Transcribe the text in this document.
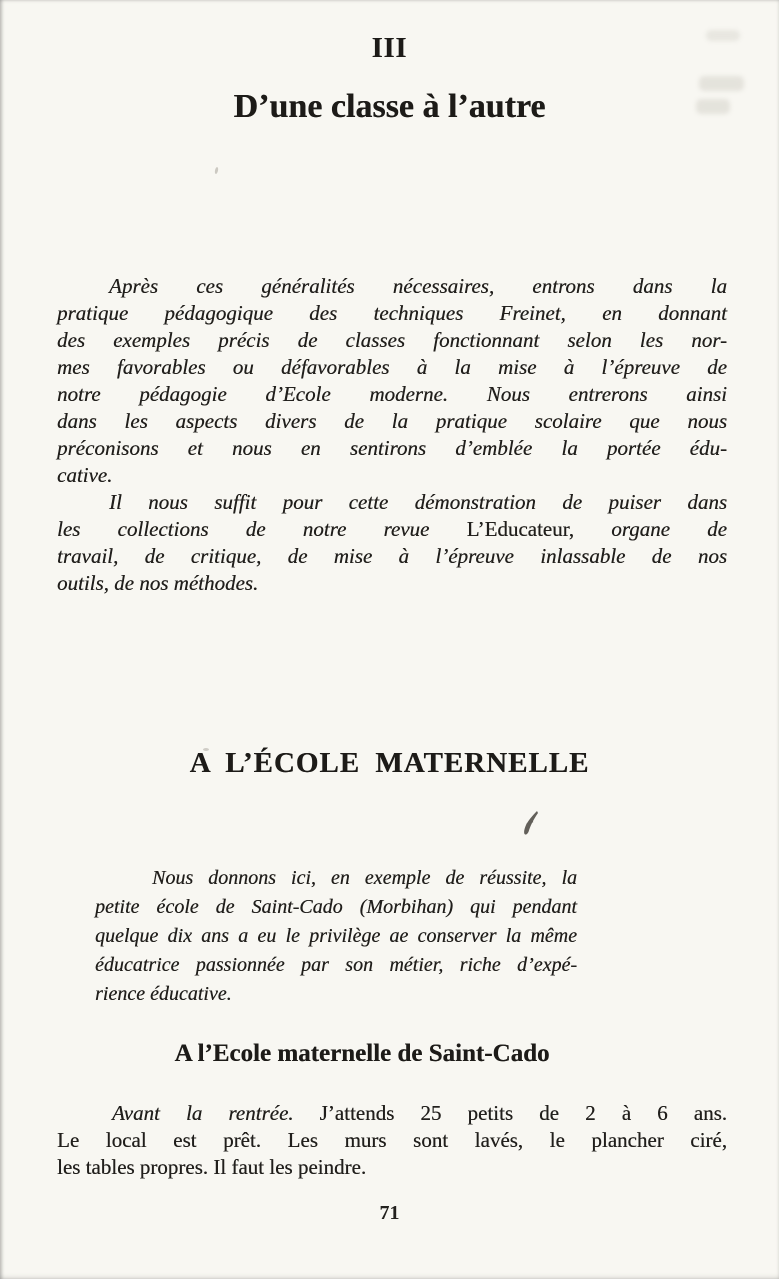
III
D’une classe à l’autre
Après ces généralités nécessaires, entrons dans la
pratique pédagogique des techniques Freinet, en donnant
des exemples précis de classes fonctionnant selon les nor-
mes favorables ou défavorables à la mise à l’épreuve de
notre pédagogie d’Ecole moderne. Nous entrerons ainsi
dans les aspects divers de la pratique scolaire que nous
préconisons et nous en sentirons d’emblée la portée édu-
cative.
Il nous suffit pour cette démonstration de puiser dans
les collections de notre revue L’Educateur, organe de
travail, de critique, de mise à l’épreuve inlassable de nos
outils, de nos méthodes.
A L’ÉCOLE MATERNELLE
Nous donnons ici, en exemple de réussite, la
petite école de Saint-Cado (Morbihan) qui pendant
quelque dix ans a eu le privilège ae conserver la même
éducatrice passionnée par son métier, riche d’expé-
rience éducative.
A l’Ecole maternelle de Saint-Cado
Avant la rentrée. J’attends 25 petits de 2 à 6 ans.
Le local est prêt. Les murs sont lavés, le plancher ciré,
les tables propres. Il faut les peindre.
71
